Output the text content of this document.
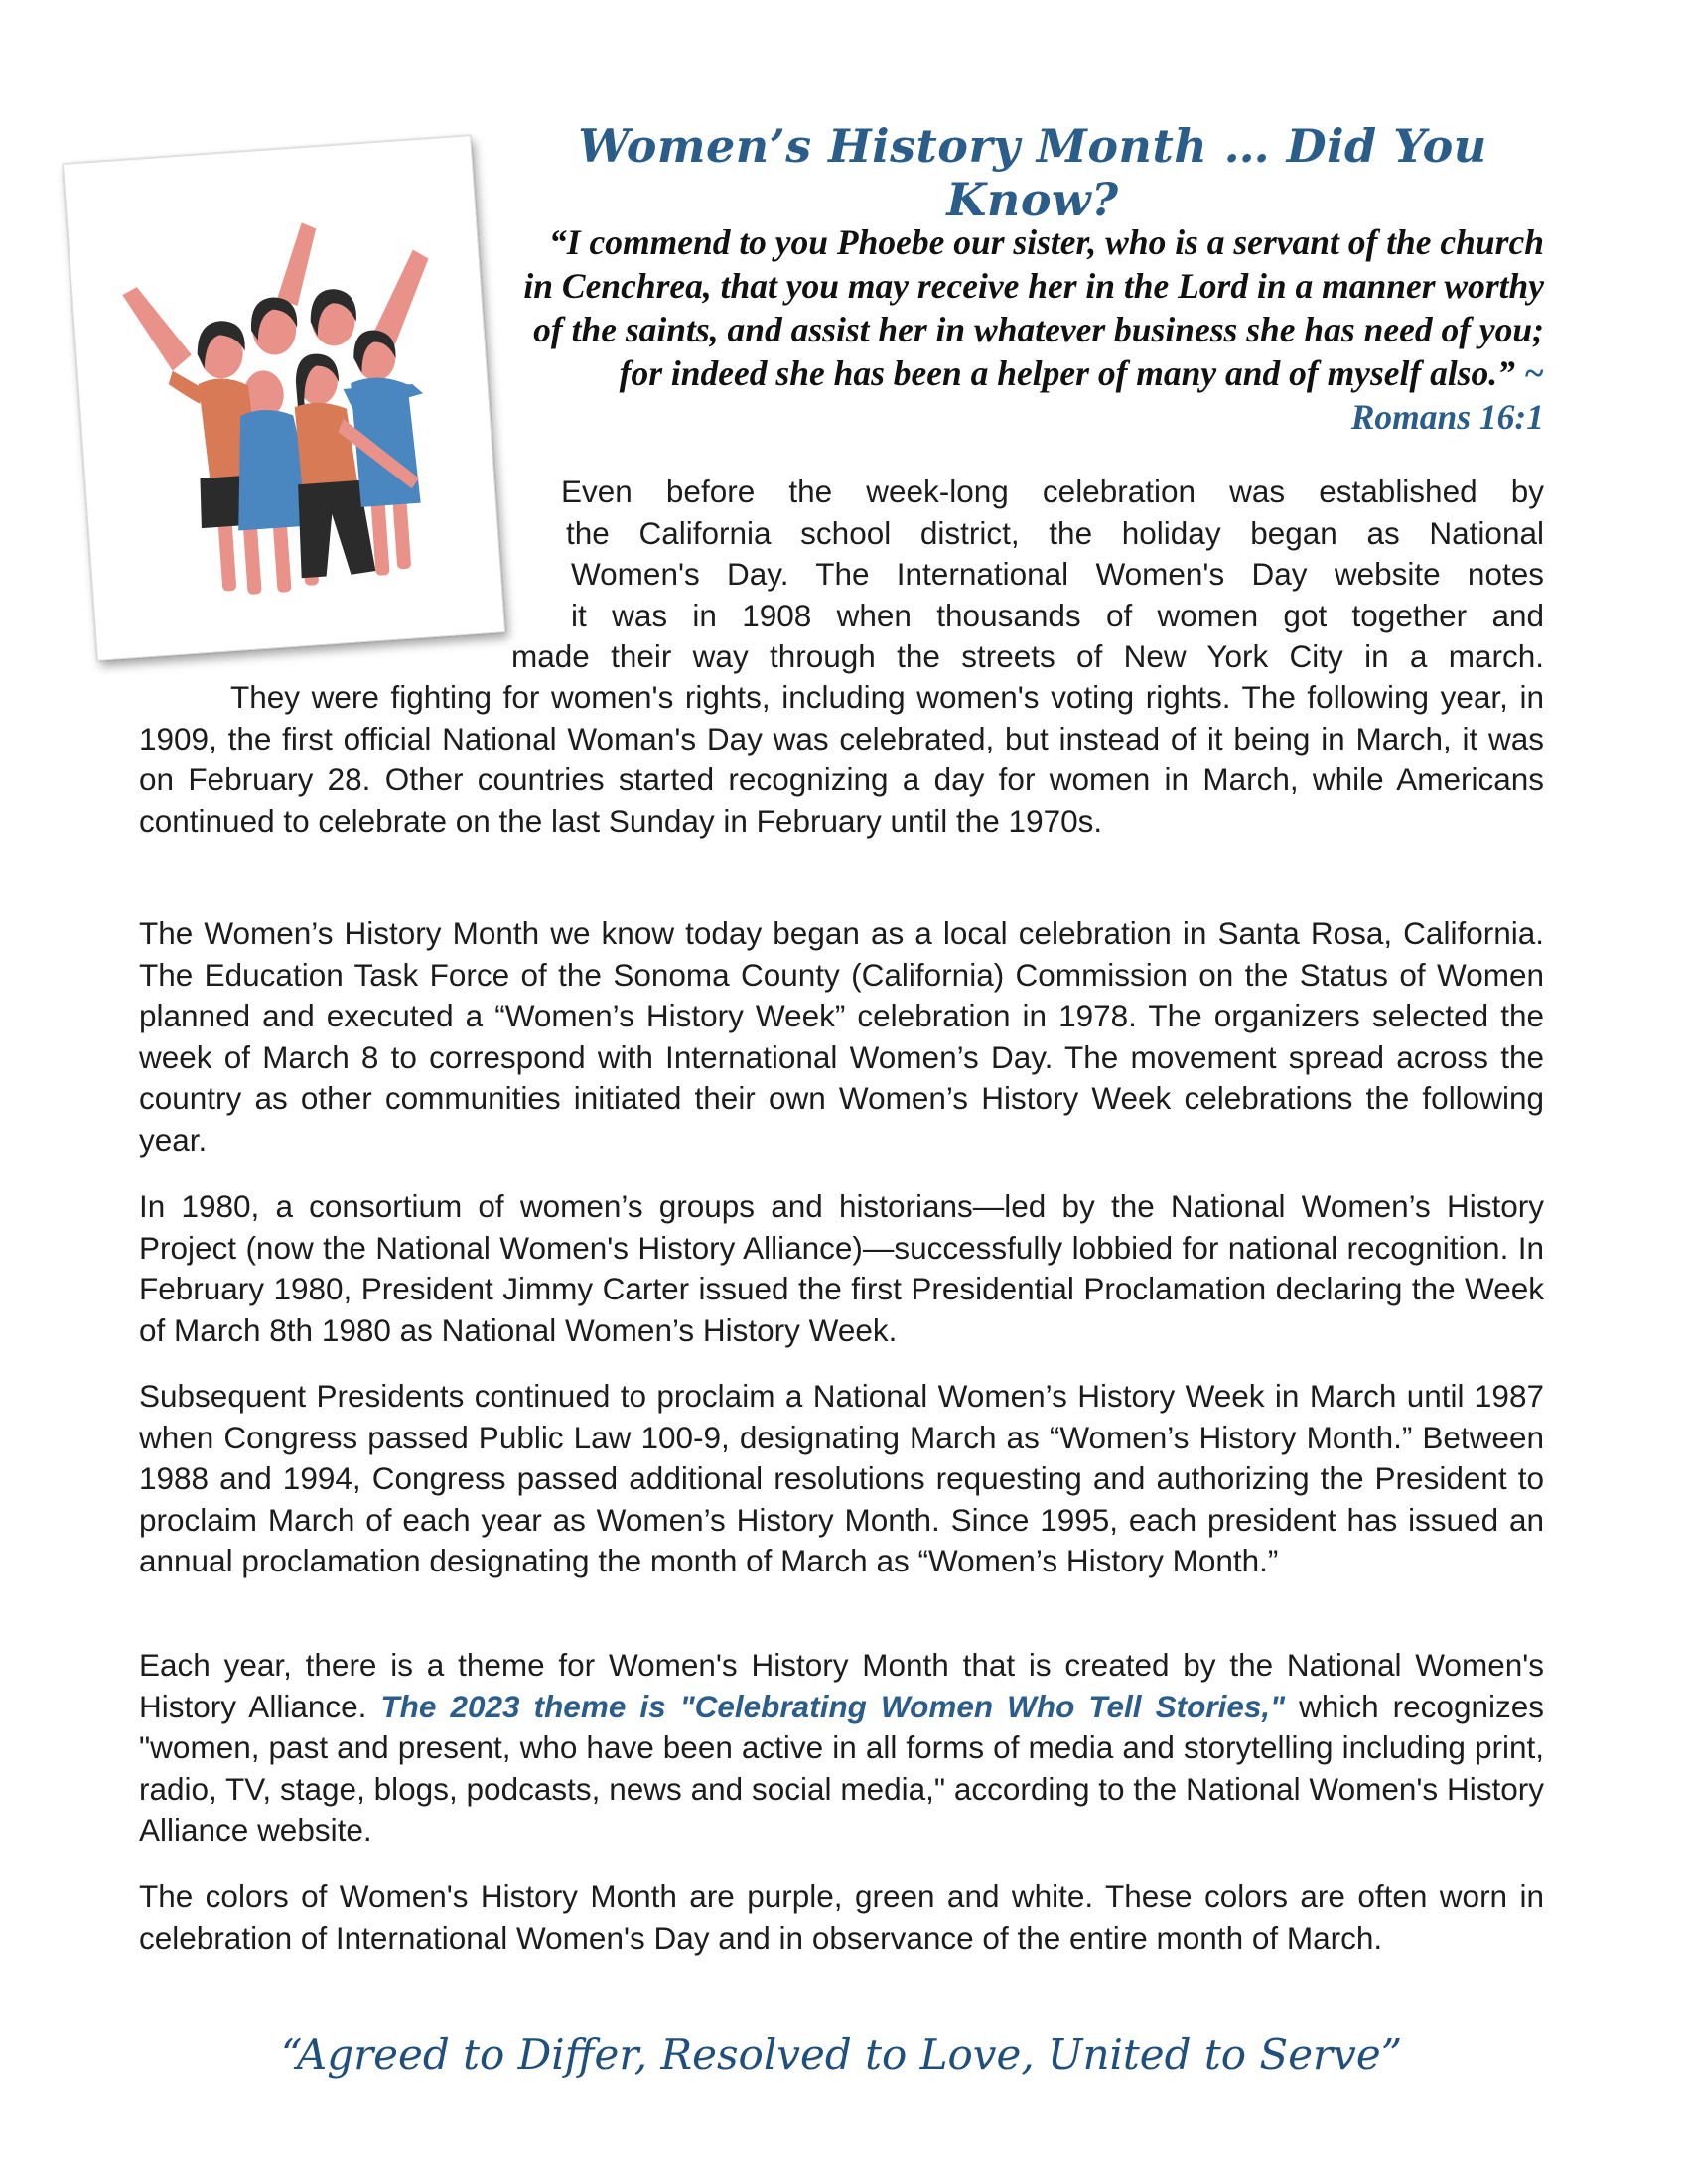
Women’s History Month … Did You Know?

“I commend to you Phoebe our sister, who is a servant of the church in Cenchrea, that you may receive her in the Lord in a manner worthy of the saints, and assist her in whatever business she has need of you; for indeed she has been a helper of many and of myself also.” ~ Romans 16:1

Even before the week-long celebration was established by
the California school district, the holiday began as National
Women's Day. The International Women's Day website notes
it was in 1908 when thousands of women got together and
made their way through the streets of New York City in a march.

They were fighting for women's rights, including women's voting rights. The following year, in 1909, the first official National Woman's Day was celebrated, but instead of it being in March, it was on February 28. Other countries started recognizing a day for women in March, while Americans continued to celebrate on the last Sunday in February until the 1970s.

The Women’s History Month we know today began as a local celebration in Santa Rosa, California. The Education Task Force of the Sonoma County (California) Commission on the Status of Women planned and executed a “Women’s History Week” celebration in 1978. The organizers selected the week of March 8 to correspond with International Women’s Day. The movement spread across the country as other communities initiated their own Women’s History Week celebrations the following year.

In 1980, a consortium of women’s groups and historians—led by the National Women’s History Project (now the National Women's History Alliance)—successfully lobbied for national recognition. In February 1980, President Jimmy Carter issued the first Presidential Proclamation declaring the Week of March 8th 1980 as National Women’s History Week.

Subsequent Presidents continued to proclaim a National Women’s History Week in March until 1987 when Congress passed Public Law 100-9, designating March as “Women’s History Month.” Between 1988 and 1994, Congress passed additional resolutions requesting and authorizing the President to proclaim March of each year as Women’s History Month. Since 1995, each president has issued an annual proclamation designating the month of March as “Women’s History Month.”

Each year, there is a theme for Women's History Month that is created by the National Women's History Alliance. The 2023 theme is "Celebrating Women Who Tell Stories," which recognizes "women, past and present, who have been active in all forms of media and storytelling including print, radio, TV, stage, blogs, podcasts, news and social media," according to the National Women's History Alliance website.

The colors of Women's History Month are purple, green and white. These colors are often worn in celebration of International Women's Day and in observance of the entire month of March.

“Agreed to Differ, Resolved to Love, United to Serve”
